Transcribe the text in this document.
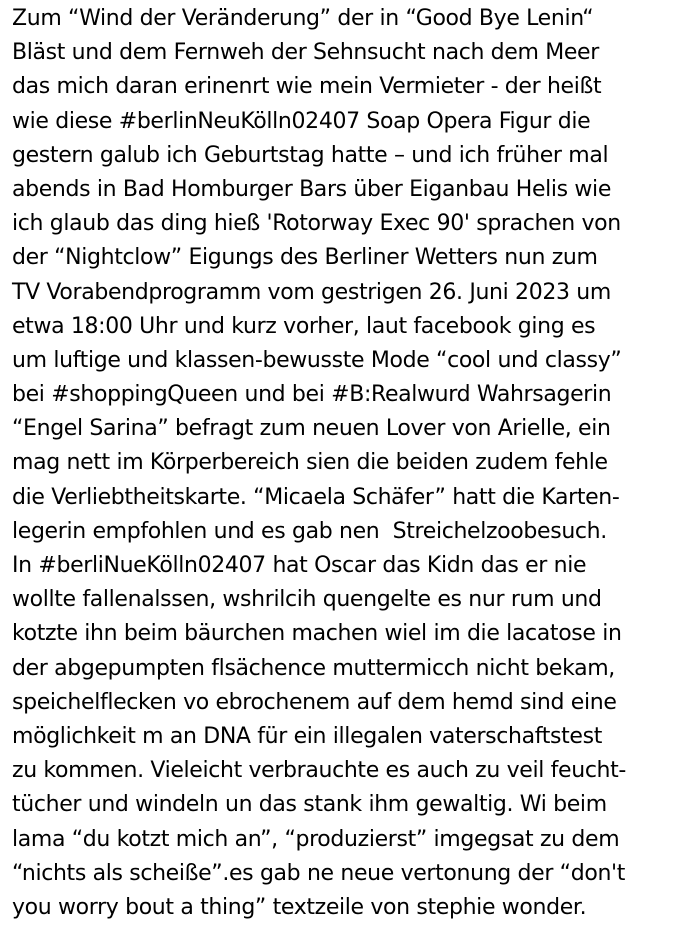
Zum “Wind der Veränderung” der in “Good Bye Lenin“
Bläst und dem Fernweh der Sehnsucht nach dem Meer
das mich daran erinenrt wie mein Vermieter - der heißt
wie diese #berlinNeuKölln02407 Soap Opera Figur die
gestern galub ich Geburtstag hatte – und ich früher mal
abends in Bad Homburger Bars über Eiganbau Helis wie
ich glaub das ding hieß 'Rotorway Exec 90' sprachen von
der “Nightclow” Eigungs des Berliner Wetters nun zum
TV Vorabendprogramm vom gestrigen 26. Juni 2023 um
etwa 18:00 Uhr und kurz vorher, laut facebook ging es
um luftige und klassen-bewusste Mode “cool und classy”
bei #shoppingQueen und bei #B:Realwurd Wahrsagerin
“Engel Sarina” befragt zum neuen Lover von Arielle, ein
mag nett im Körperbereich sien die beiden zudem fehle
die Verliebtheitskarte. “Micaela Schäfer” hatt die Karten-
legerin empfohlen und es gab nen  Streichelzoobesuch.
In #berliNueKölln02407 hat Oscar das Kidn das er nie
wollte fallenalssen, wshrilcih quengelte es nur rum und
kotzte ihn beim bäurchen machen wiel im die lacatose in
der abgepumpten flsächence muttermicch nicht bekam,
speichelflecken vo ebrochenem auf dem hemd sind eine
möglichkeit m an DNA für ein illegalen vaterschaftstest
zu kommen. Vieleicht verbrauchte es auch zu veil feucht-
tücher und windeln un das stank ihm gewaltig. Wi beim
lama “du kotzt mich an”, “produzierst” imgegsat zu dem
“nichts als scheiße”.es gab ne neue vertonung der “don't
you worry bout a thing” textzeile von stephie wonder.
